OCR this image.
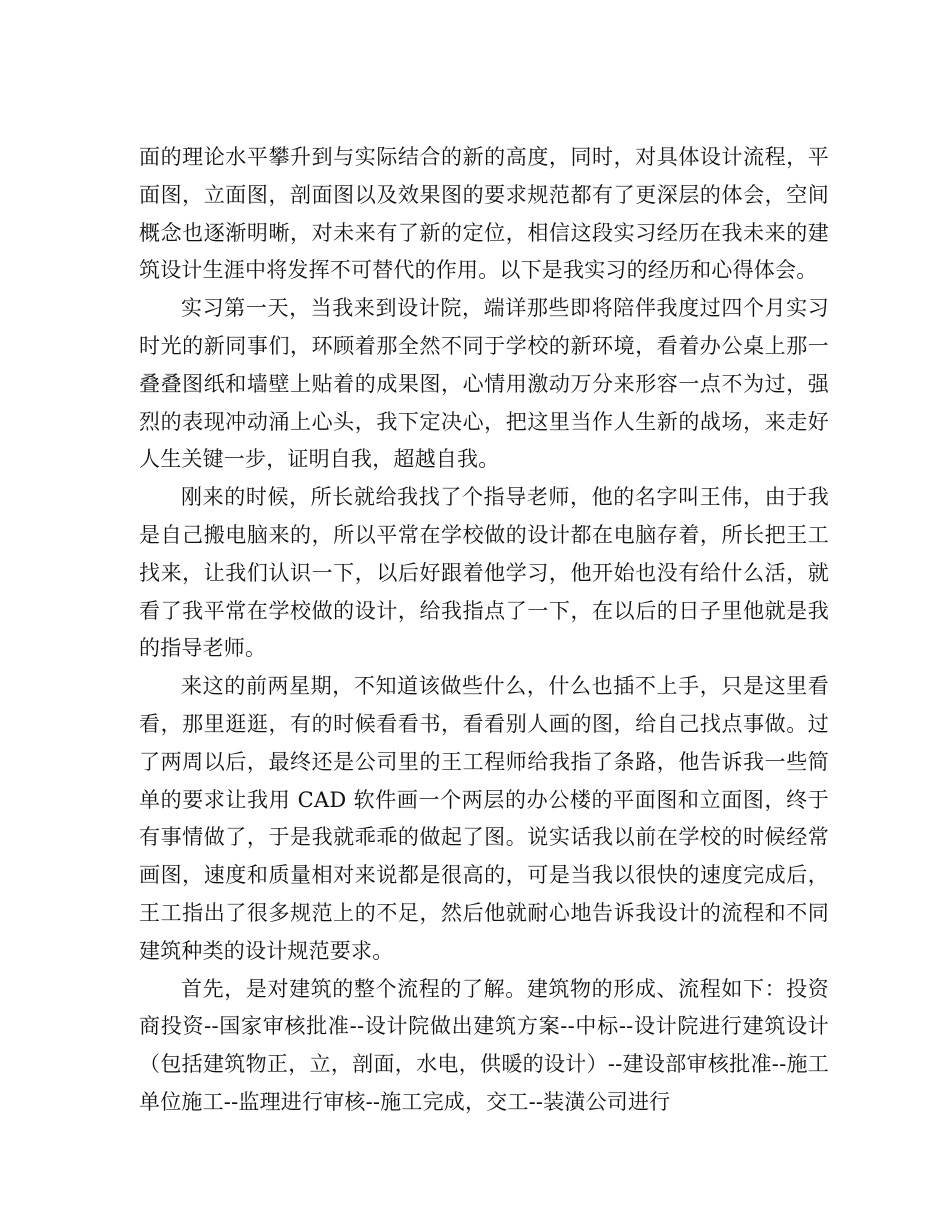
面的理论水平攀升到与实际结合的新的高度，同时，对具体设计流程，平面图，立面图，剖面图以及效果图的要求规范都有了更深层的体会，空间概念也逐渐明晰，对未来有了新的定位，相信这段实习经历在我未来的建筑设计生涯中将发挥不可替代的作用。以下是我实习的经历和心得体会。

实习第一天，当我来到设计院，端详那些即将陪伴我度过四个月实习时光的新同事们，环顾着那全然不同于学校的新环境，看着办公桌上那一叠叠图纸和墙壁上贴着的成果图，心情用激动万分来形容一点不为过，强烈的表现冲动涌上心头，我下定决心，把这里当作人生新的战场，来走好人生关键一步，证明自我，超越自我。

刚来的时候，所长就给我找了个指导老师，他的名字叫王伟，由于我是自己搬电脑来的，所以平常在学校做的设计都在电脑存着，所长把王工找来，让我们认识一下，以后好跟着他学习，他开始也没有给什么活，就看了我平常在学校做的设计，给我指点了一下，在以后的日子里他就是我的指导老师。

来这的前两星期，不知道该做些什么，什么也插不上手，只是这里看看，那里逛逛，有的时候看看书，看看别人画的图，给自己找点事做。过了两周以后，最终还是公司里的王工程师给我指了条路，他告诉我一些简单的要求让我用 CAD 软件画一个两层的办公楼的平面图和立面图，终于有事情做了，于是我就乖乖的做起了图。说实话我以前在学校的时候经常画图，速度和质量相对来说都是很高的，可是当我以很快的速度完成后，王工指出了很多规范上的不足，然后他就耐心地告诉我设计的流程和不同建筑种类的设计规范要求。

首先，是对建筑的整个流程的了解。建筑物的形成、流程如下：投资商投资--国家审核批准--设计院做出建筑方案--中标--设计院进行建筑设计（包括建筑物正，立，剖面，水电，供暖的设计）--建设部审核批准--施工单位施工--监理进行审核--施工完成，交工--装潢公司进行
